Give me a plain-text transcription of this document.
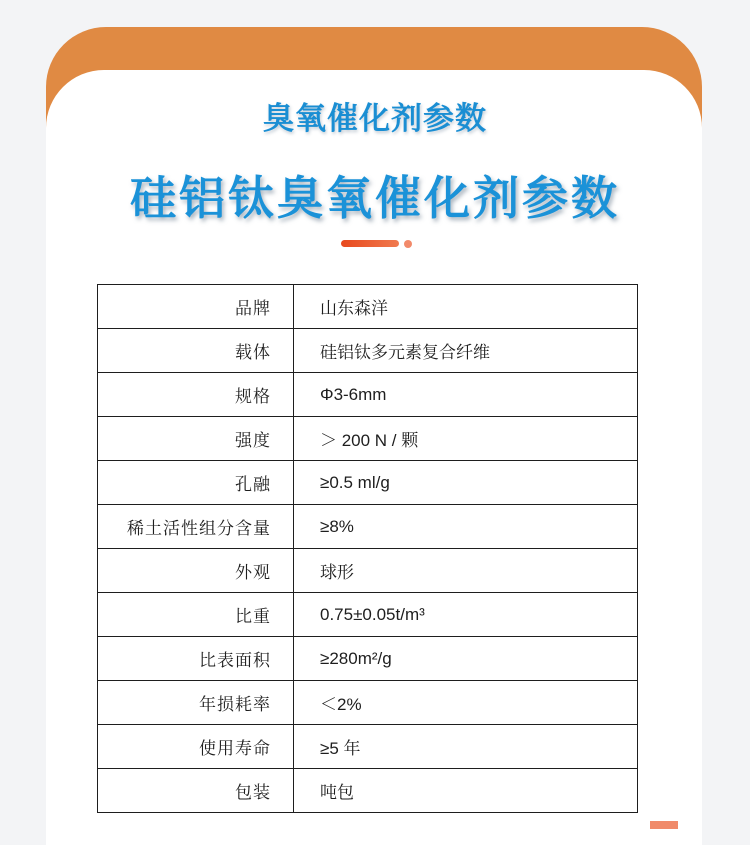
臭氧催化剂参数
硅铝钛臭氧催化剂参数
品牌	山东森洋
载体	硅铝钛多元素复合纤维
规格	Φ3-6mm
强度	＞ 200 N / 颗
孔融	≥0.5 ml/g
稀土活性组分含量	≥8%
外观	球形
比重	0.75±0.05t/m³
比表面积	≥280m²/g
年损耗率	＜2%
使用寿命	≥5 年
包装	吨包
